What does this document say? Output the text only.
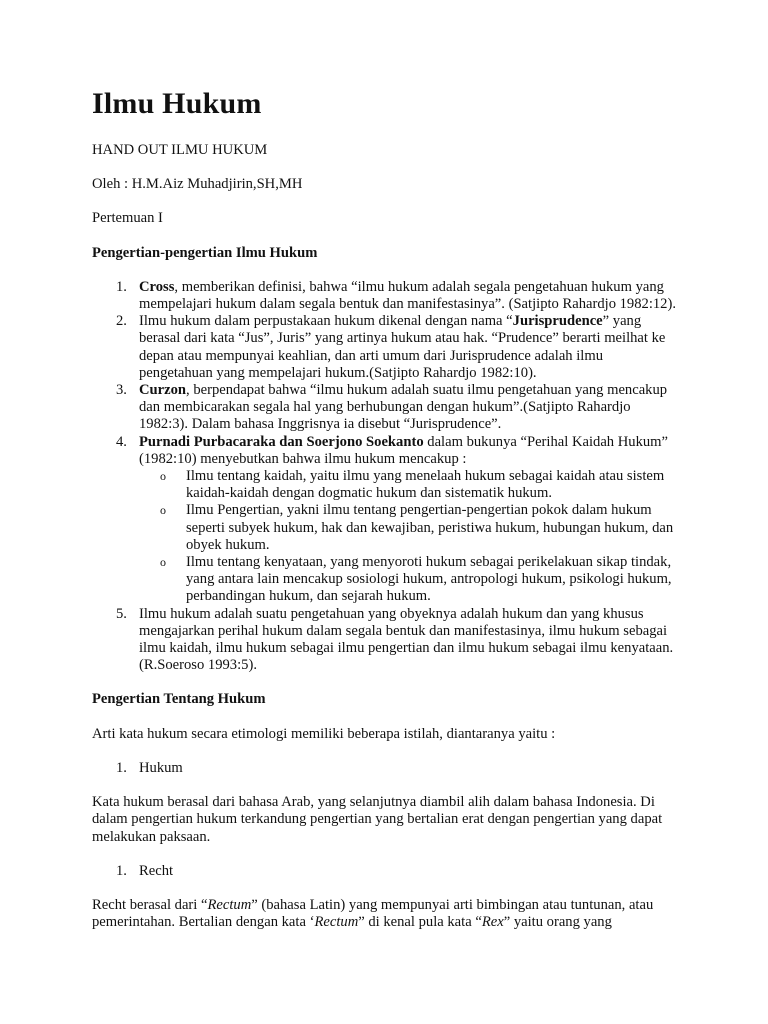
Ilmu Hukum

HAND OUT ILMU HUKUM

Oleh : H.M.Aiz Muhadjirin,SH,MH

Pertemuan I

Pengertian-pengertian Ilmu Hukum
1. Cross, memberikan definisi, bahwa “ilmu hukum adalah segala pengetahuan hukum yang mempelajari hukum dalam segala bentuk dan manifestasinya”. (Satjipto Rahardjo 1982:12).
2. Ilmu hukum dalam perpustakaan hukum dikenal dengan nama “Jurisprudence” yang berasal dari kata “Jus”, Juris” yang artinya hukum atau hak. “Prudence” berarti meilhat ke depan atau mempunyai keahlian, dan arti umum dari Jurisprudence adalah ilmu pengetahuan yang mempelajari hukum.(Satjipto Rahardjo 1982:10).
3. Curzon, berpendapat bahwa “ilmu hukum adalah suatu ilmu pengetahuan yang mencakup dan membicarakan segala hal yang berhubungan dengan hukum”.(Satjipto Rahardjo 1982:3). Dalam bahasa Inggrisnya ia disebut “Jurisprudence”.
4. Purnadi Purbacaraka dan Soerjono Soekanto dalam bukunya “Perihal Kaidah Hukum” (1982:10) menyebutkan bahwa ilmu hukum mencakup :
o Ilmu tentang kaidah, yaitu ilmu yang menelaah hukum sebagai kaidah atau sistem kaidah-kaidah dengan dogmatic hukum dan sistematik hukum.
o Ilmu Pengertian, yakni ilmu tentang pengertian-pengertian pokok dalam hukum seperti subyek hukum, hak dan kewajiban, peristiwa hukum, hubungan hukum, dan obyek hukum.
o Ilmu tentang kenyataan, yang menyoroti hukum sebagai perikelakuan sikap tindak, yang antara lain mencakup sosiologi hukum, antropologi hukum, psikologi hukum, perbandingan hukum, dan sejarah hukum.
5. Ilmu hukum adalah suatu pengetahuan yang obyeknya adalah hukum dan yang khusus mengajarkan perihal hukum dalam segala bentuk dan manifestasinya, ilmu hukum sebagai ilmu kaidah, ilmu hukum sebagai ilmu pengertian dan ilmu hukum sebagai ilmu kenyataan. (R.Soeroso 1993:5).
Pengertian Tentang Hukum

Arti kata hukum secara etimologi memiliki beberapa istilah, diantaranya yaitu :

1. Hukum

Kata hukum berasal dari bahasa Arab, yang selanjutnya diambil alih dalam bahasa Indonesia. Di dalam pengertian hukum terkandung pengertian yang bertalian erat dengan pengertian yang dapat melakukan paksaan.

1. Recht

Recht berasal dari “Rectum” (bahasa Latin) yang mempunyai arti bimbingan atau tuntunan, atau pemerintahan. Bertalian dengan kata ‘Rectum” di kenal pula kata “Rex” yaitu orang yang
